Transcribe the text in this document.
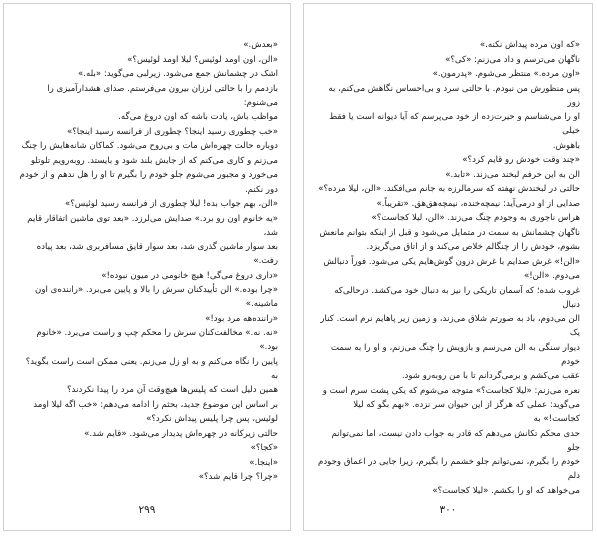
«بعدش.»

«الن، اون اومد لوئیس؟ لیلا اومد لوئیس؟»

اشک در چشمانش جمع می‌شود. زیرلبی می‌گوید: «بله.»

بازدمم را با حالتی لرزان بیرون می‌فرستم. صدای هشدارآمیزی را می‌شنوم:

مواظب باش، یادت باشه که اون دروغ می‌گه.

«خب چطوری رسید اینجا؟ چطوری از فرانسه رسید اینجا؟»

دوباره حالت چهره‌اش مات و بی‌روح می‌شود. کماکان شانه‌هایش را چنگ

می‌زنم و کاری می‌کنم که از جایش بلند شود و بایستد. روبه‌رویم تلوتلو

می‌خورد و مجبور می‌شوم جلو خودم را بگیرم تا او را هل ندهم و از خودم

دور نکنم.

«الن، بهم جواب بده! لیلا چطوری از فرانسه رسید لوئیس؟»

«یه خانوم اون رو برد.» صدایش می‌لرزد. «بعد توی ماشین اتفاقار قایم شد،

بعد سوار ماشین گذری شد، بعد سوار قایق مسافربری شد، بعد پیاده رفت.»

«داری دروغ می‌گی! هیچ خانومی در میون نبوده!»

«چرا بوده.» الن تأییدکنان سرش را بالا و پایین می‌برد. «راننده‌ی اون ماشینه.»

«راننده‌هه مرد بود!»

«نه. نه.» مخالفت‌کنان سرش را محکم چپ و راست می‌برد. «خانوم بود.»

پایین را نگاه می‌کنم و به او زل می‌زنم. یعنی ممکن است راست بگوید؟ به

همین دلیل است که پلیس‌ها هیچ‌وقت آن مرد را پیدا نکردند؟

بر اساس این موضوع جدید، بحثم را ادامه می‌دهم: «خب اگه لیلا اومد

لوئیس، پس چرا پلیس پیداش نکرد؟»

حالتی زیرکانه در چهره‌اش پدیدار می‌شود. «قایم شد.»

«کجا؟»

«اینجا.»

«چرا؟ چرا قایم شد؟»

۲۹۹

«که اون مرده پیداش نکنه.»

ناگهان می‌ترسم و داد می‌زنم: «کی؟»

«اون مرده.» منتظر می‌شوم. «پدرمون.»

پس منظورش من نبودم. با حالتی سرد و بی‌احساس نگاهش می‌کنم، به زور

او را می‌شناسم و حیرت‌زده از خود می‌پرسم که آیا دیوانه است یا فقط خیلی

باهوش.

«چند وقت خودش رو قایم کرد؟»

الن به این حرفم لبخند می‌زند. «تابد.»

حالتی در لبخندش نهفته که سرمالرزه به جانم می‌افکند. «الن، لیلا مرده؟»

صدایی از او درمی‌آید: نیمچه‌خنده، نیمچه‌هق‌هق. «تقریباً.»

هراس ناجوری به وجودم چنگ می‌زند. «الن، لیلا کجاست؟»

ناگهان چشمانش به سمت در متمایل می‌شود و قبل از اینکه بتوانم مانعش

بشوم، خودش را از چنگالم خلاص می‌کند و از اتاق می‌گریزد.

«الن!» غرش صدایم با غرش درون گوش‌هایم یکی می‌شود. فوراً دنبالش

می‌دوم. «الن!»

غروب شده؛ که آسمان تاریکی را نیز به دنبال خود می‌کشد. درحالی‌که دنبال

الن می‌دوم، باد به صورتم شلاق می‌زند، و زمین زیر پاهایم نرم است. کنار یک

دیوار سنگی به الن می‌رسم و بازویش را چنگ می‌زنم، و او را به سمت خودم

عقب می‌کشم و برمی‌گردانم تا با من روبه‌رو شود.

نعره می‌زنم: «لیلا کجاست؟» متوجه می‌شوم که یکی پشت سرم است و

می‌گوید: عملی که هرگز از این حیوان سر نزده. «بهم بگو که لیلا کجاست!» به

حدی محکم تکانش می‌دهم که قادر به جواب دادن نیست، اما نمی‌توانم جلو

خودم را بگیرم، نمی‌توانم جلو خشمم را بگیرم، زیرا جایی در اعماق وجودم دلم

می‌خواهد که او را بکشم. «لیلا کجاست؟»

۳۰۰
